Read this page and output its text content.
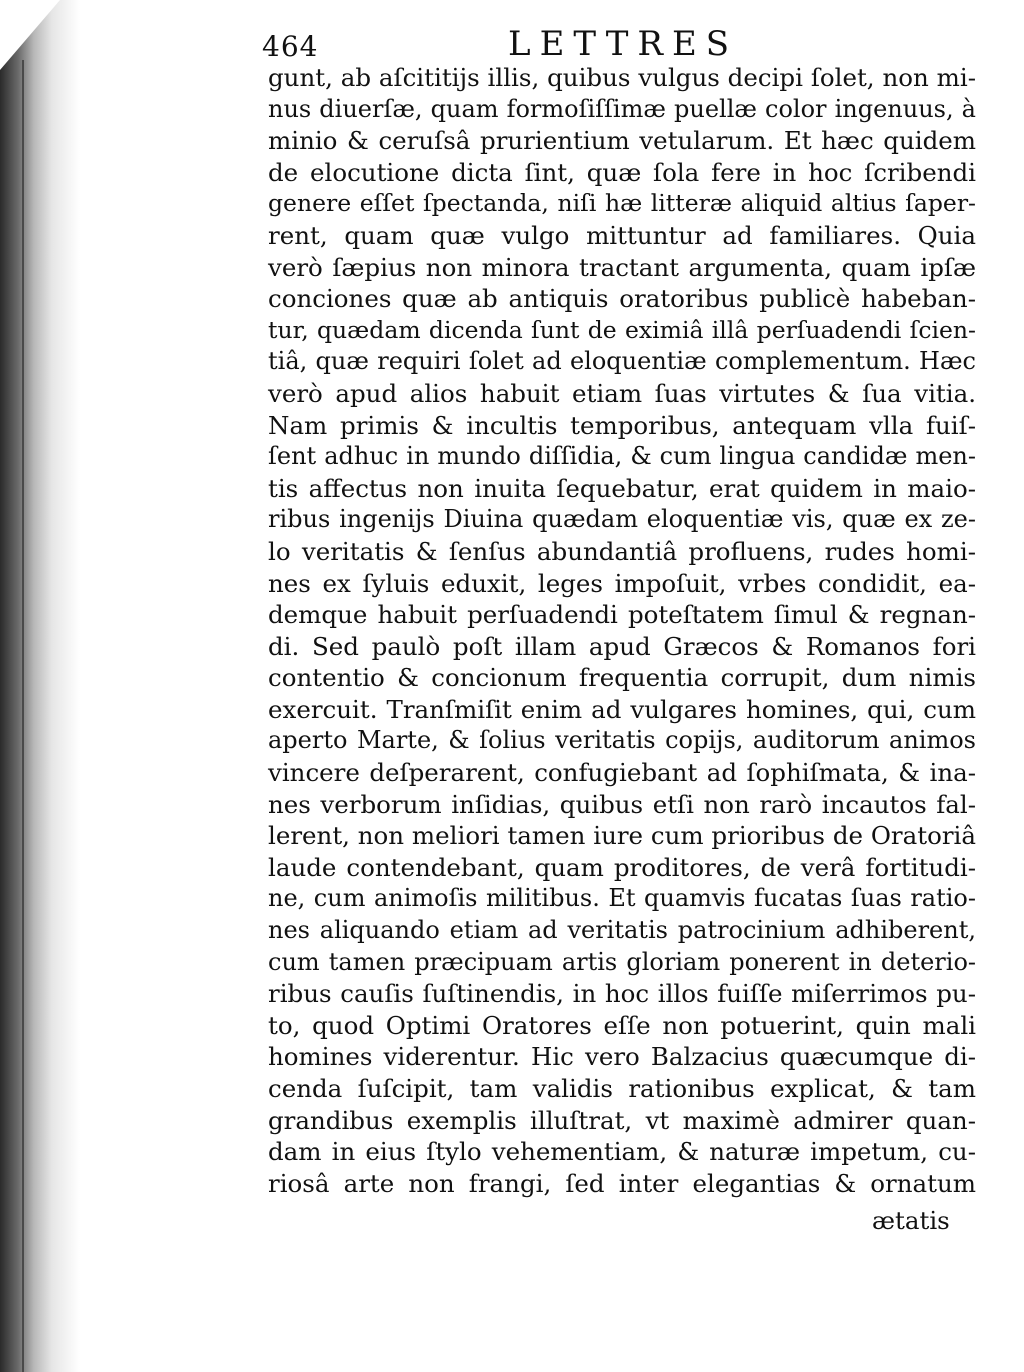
464	LETTRES
gunt, ab aſcititijs illis, quibus vulgus decipi ſolet, non mi-
nus diuerſæ, quam formoſiſſimæ puellæ color ingenuus, à
minio & ceruſsâ prurientium vetularum. Et hæc quidem
de elocutione dicta ſint, quæ ſola fere in hoc ſcribendi
genere eſſet ſpectanda, niſi hæ litteræ aliquid altius ſaper-
rent, quam quæ vulgo mittuntur ad familiares. Quia
verò ſæpius non minora tractant argumenta, quam ipſæ
conciones quæ ab antiquis oratoribus publicè habeban-
tur, quædam dicenda ſunt de eximiâ illâ perſuadendi ſcien-
tiâ, quæ requiri ſolet ad eloquentiæ complementum. Hæc
verò apud alios habuit etiam ſuas virtutes & ſua vitia.
Nam primis & incultis temporibus, antequam vlla fuiſ-
ſent adhuc in mundo diſſidia, & cum lingua candidæ men-
tis affectus non inuita ſequebatur, erat quidem in maio-
ribus ingenijs Diuina quædam eloquentiæ vis, quæ ex ze-
lo veritatis & ſenſus abundantiâ profluens, rudes homi-
nes ex ſyluis eduxit, leges impoſuit, vrbes condidit, ea-
demque habuit perſuadendi poteſtatem ſimul & regnan-
di. Sed paulò poſt illam apud Græcos & Romanos fori
contentio & concionum frequentia corrupit, dum nimis
exercuit. Tranſmiſit enim ad vulgares homines, qui, cum
aperto Marte, & ſolius veritatis copijs, auditorum animos
vincere deſperarent, confugiebant ad ſophiſmata, & ina-
nes verborum inſidias, quibus etſi non rarò incautos fal-
lerent, non meliori tamen iure cum prioribus de Oratoriâ
laude contendebant, quam proditores, de verâ fortitudi-
ne, cum animoſis militibus. Et quamvis fucatas ſuas ratio-
nes aliquando etiam ad veritatis patrocinium adhiberent,
cum tamen præcipuam artis gloriam ponerent in deterio-
ribus cauſis ſuſtinendis, in hoc illos fuiſſe miſerrimos pu-
to, quod Optimi Oratores eſſe non potuerint, quin mali
homines viderentur. Hic vero Balzacius quæcumque di-
cenda ſuſcipit, tam validis rationibus explicat, & tam
grandibus exemplis illuſtrat, vt maximè admirer quan-
dam in eius ſtylo vehementiam, & naturæ impetum, cu-
riosâ arte non frangi, ſed inter elegantias & ornatum
ætatis
